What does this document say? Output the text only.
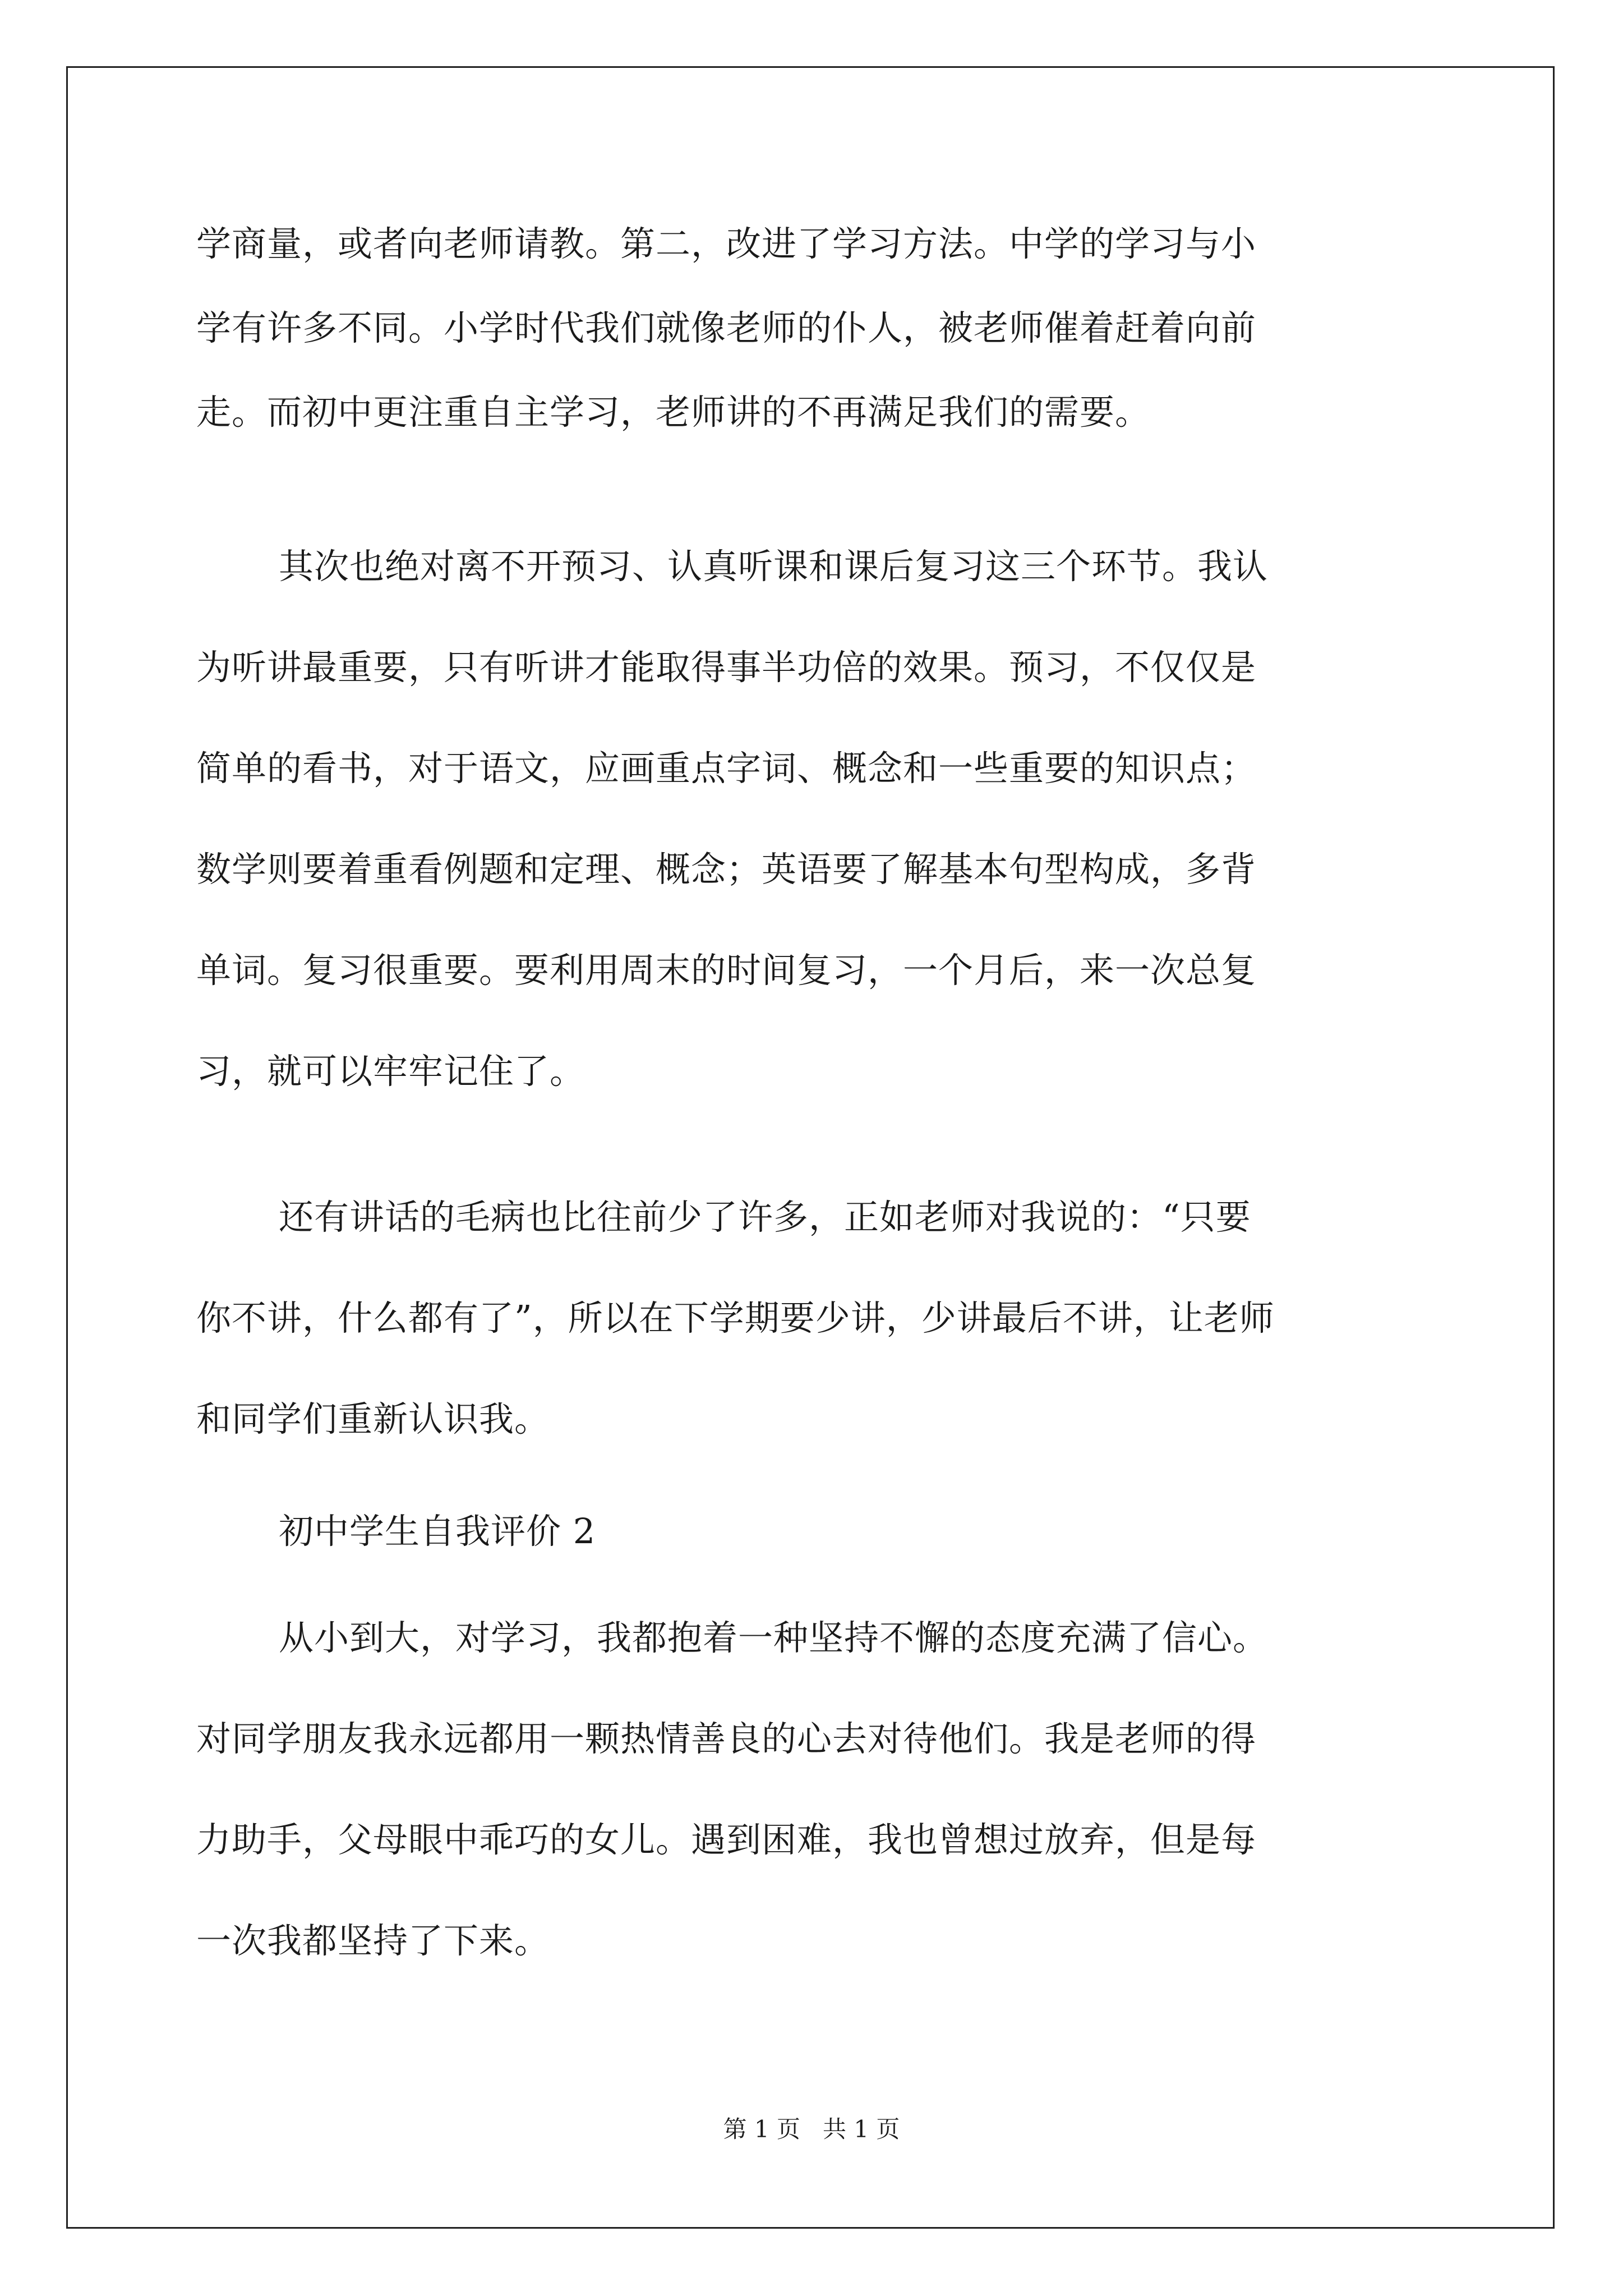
学商量，或者向老师请教。第二，改进了学习方法。中学的学习与小
学有许多不同。小学时代我们就像老师的仆人，被老师催着赶着向前
走。而初中更注重自主学习，老师讲的不再满足我们的需要。
其次也绝对离不开预习、认真听课和课后复习这三个环节。我认
为听讲最重要，只有听讲才能取得事半功倍的效果。预习，不仅仅是
简单的看书，对于语文，应画重点字词、概念和一些重要的知识点；
数学则要着重看例题和定理、概念；英语要了解基本句型构成，多背
单词。复习很重要。要利用周末的时间复习，一个月后，来一次总复
习，就可以牢牢记住了。
还有讲话的毛病也比往前少了许多，正如老师对我说的：“只要
你不讲，什么都有了”，所以在下学期要少讲，少讲最后不讲，让老师
和同学们重新认识我。
初中学生自我评价 2
从小到大，对学习，我都抱着一种坚持不懈的态度充满了信心。
对同学朋友我永远都用一颗热情善良的心去对待他们。我是老师的得
力助手，父母眼中乖巧的女儿。遇到困难，我也曾想过放弃，但是每
一次我都坚持了下来。
第 1 页 共 1 页
